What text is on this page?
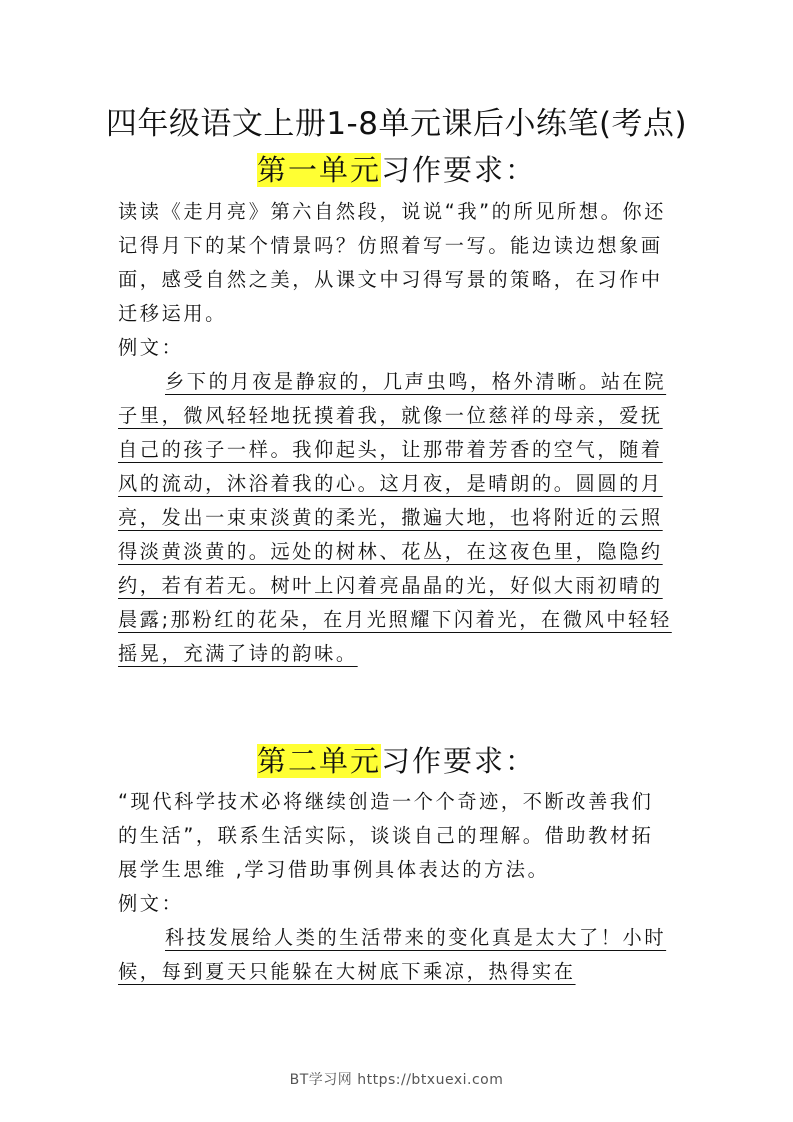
四年级语文上册1-8单元课后小练笔(考点)
第一单元习作要求：

读读《走月亮》第六自然段，说说“我”的所见所想。你还记得月下的某个情景吗？仿照着写一写。能边读边想象画面，感受自然之美，从课文中习得写景的策略，在习作中迁移运用。

例文：

乡下的月夜是静寂的，几声虫鸣，格外清晰。站在院子里，微风轻轻地抚摸着我，就像一位慈祥的母亲，爱抚自己的孩子一样。我仰起头，让那带着芳香的空气，随着风的流动，沐浴着我的心。这月夜，是晴朗的。圆圆的月亮，发出一束束淡黄的柔光，撒遍大地，也将附近的云照得淡黄淡黄的。远处的树林、花丛，在这夜色里，隐隐约约，若有若无。树叶上闪着亮晶晶的光，好似大雨初晴的晨露;那粉红的花朵，在月光照耀下闪着光，在微风中轻轻摇晃，充满了诗的韵味。

第二单元习作要求：

“现代科学技术必将继续创造一个个奇迹，不断改善我们的生活”，联系生活实际，谈谈自己的理解。借助教材拓展学生思维 ,学习借助事例具体表达的方法。

例文：

科技发展给人类的生活带来的变化真是太大了！小时候，每到夏天只能躲在大树底下乘凉，热得实在

BT学习网 https://btxuexi.com
